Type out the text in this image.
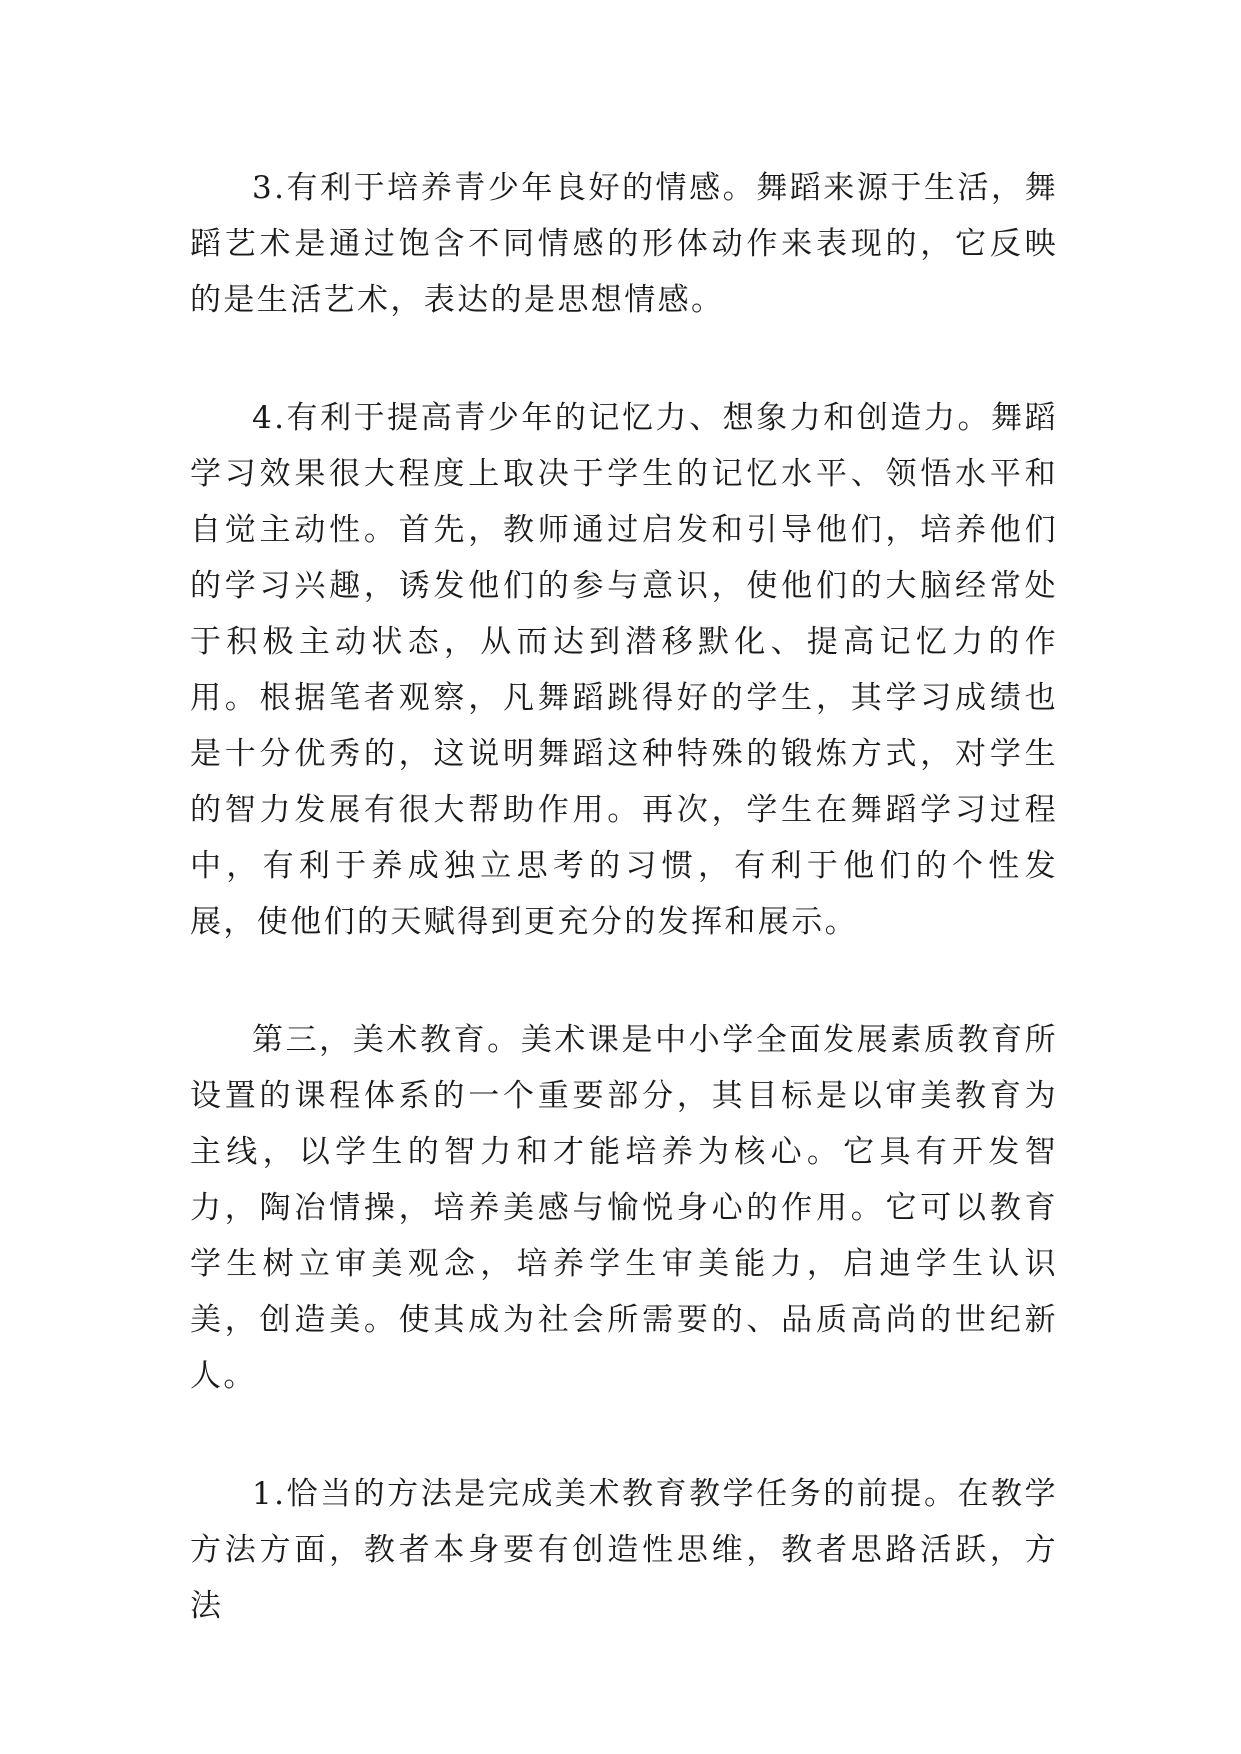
3.有利于培养青少年良好的情感。舞蹈来源于生活，舞蹈艺术是通过饱含不同情感的形体动作来表现的，它反映的是生活艺术，表达的是思想情感。

4.有利于提高青少年的记忆力、想象力和创造力。舞蹈学习效果很大程度上取决于学生的记忆水平、领悟水平和自觉主动性。首先，教师通过启发和引导他们，培养他们的学习兴趣，诱发他们的参与意识，使他们的大脑经常处于积极主动状态，从而达到潜移默化、提高记忆力的作用。根据笔者观察，凡舞蹈跳得好的学生，其学习成绩也是十分优秀的，这说明舞蹈这种特殊的锻炼方式，对学生的智力发展有很大帮助作用。再次，学生在舞蹈学习过程中，有利于养成独立思考的习惯，有利于他们的个性发展，使他们的天赋得到更充分的发挥和展示。

第三，美术教育。美术课是中小学全面发展素质教育所设置的课程体系的一个重要部分，其目标是以审美教育为主线，以学生的智力和才能培养为核心。它具有开发智力，陶冶情操，培养美感与愉悦身心的作用。它可以教育学生树立审美观念，培养学生审美能力，启迪学生认识美，创造美。使其成为社会所需要的、品质高尚的世纪新人。

1.恰当的方法是完成美术教育教学任务的前提。在教学方法方面，教者本身要有创造性思维，教者思路活跃，方法
